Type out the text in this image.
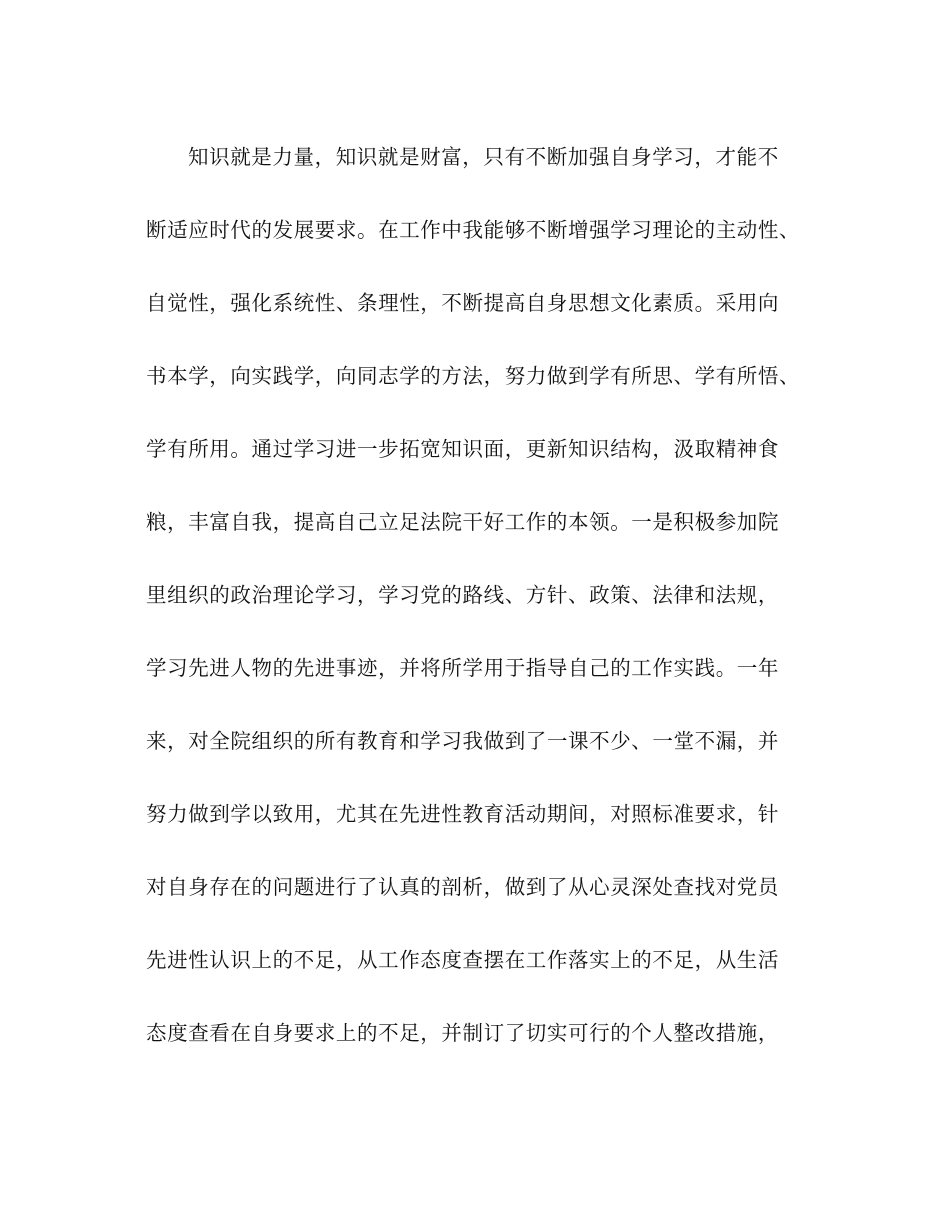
知识就是力量，知识就是财富，只有不断加强自身学习，才能不
断适应时代的发展要求。在工作中我能够不断增强学习理论的主动性、
自觉性，强化系统性、条理性，不断提高自身思想文化素质。采用向
书本学，向实践学，向同志学的方法，努力做到学有所思、学有所悟、
学有所用。通过学习进一步拓宽知识面，更新知识结构，汲取精神食
粮，丰富自我，提高自己立足法院干好工作的本领。一是积极参加院
里组织的政治理论学习，学习党的路线、方针、政策、法律和法规，
学习先进人物的先进事迹，并将所学用于指导自己的工作实践。一年
来，对全院组织的所有教育和学习我做到了一课不少、一堂不漏，并
努力做到学以致用，尤其在先进性教育活动期间，对照标准要求，针
对自身存在的问题进行了认真的剖析，做到了从心灵深处查找对党员
先进性认识上的不足，从工作态度查摆在工作落实上的不足，从生活
态度查看在自身要求上的不足，并制订了切实可行的个人整改措施，
